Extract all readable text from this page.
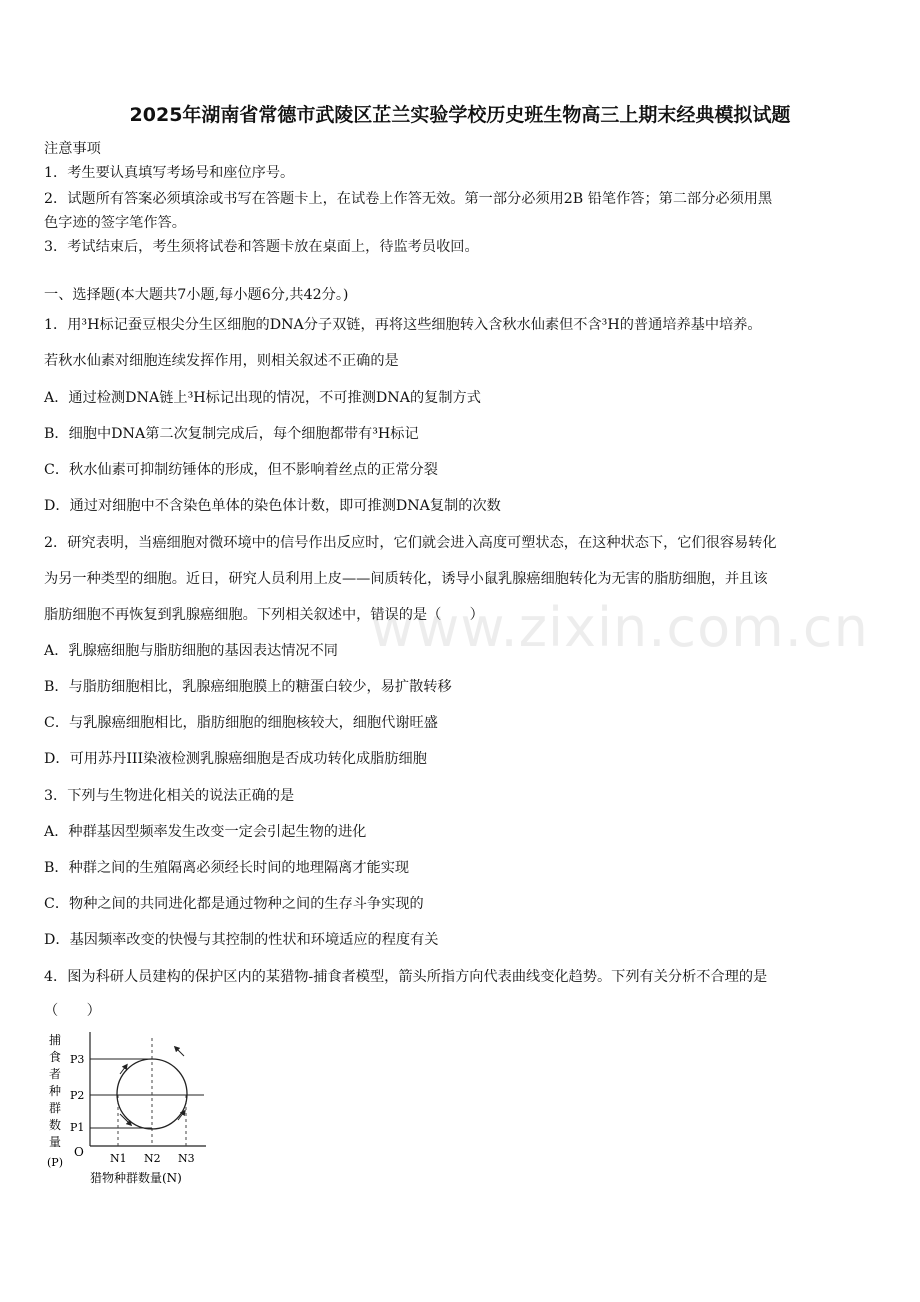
2025年湖南省常德市武陵区芷兰实验学校历史班生物高三上期末经典模拟试题
注意事项
1．考生要认真填写考场号和座位序号。
2．试题所有答案必须填涂或书写在答题卡上，在试卷上作答无效。第一部分必须用2B 铅笔作答；第二部分必须用黑
色字迹的签字笔作答。
3．考试结束后，考生须将试卷和答题卡放在桌面上，待监考员收回。
一、选择题(本大题共7小题,每小题6分,共42分。)
1．用³H标记蚕豆根尖分生区细胞的DNA分子双链，再将这些细胞转入含秋水仙素但不含³H的普通培养基中培养。
若秋水仙素对细胞连续发挥作用，则相关叙述不正确的是
A．通过检测DNA链上³H标记出现的情况，不可推测DNA的复制方式
B．细胞中DNA第二次复制完成后，每个细胞都带有³H标记
C．秋水仙素可抑制纺锤体的形成，但不影响着丝点的正常分裂
D．通过对细胞中不含染色单体的染色体计数，即可推测DNA复制的次数
2．研究表明，当癌细胞对微环境中的信号作出反应时，它们就会进入高度可塑状态，在这种状态下，它们很容易转化
为另一种类型的细胞。近日，研究人员利用上皮——间质转化，诱导小鼠乳腺癌细胞转化为无害的脂肪细胞，并且该
脂肪细胞不再恢复到乳腺癌细胞。下列相关叙述中，错误的是（　　）
A．乳腺癌细胞与脂肪细胞的基因表达情况不同
B．与脂肪细胞相比，乳腺癌细胞膜上的糖蛋白较少，易扩散转移
C．与乳腺癌细胞相比，脂肪细胞的细胞核较大，细胞代谢旺盛
D．可用苏丹III染液检测乳腺癌细胞是否成功转化成脂肪细胞
3．下列与生物进化相关的说法正确的是
A．种群基因型频率发生改变一定会引起生物的进化
B．种群之间的生殖隔离必须经长时间的地理隔离才能实现
C．物种之间的共同进化都是通过物种之间的生存斗争实现的
D．基因频率改变的快慢与其控制的性状和环境适应的程度有关
4．图为科研人员建构的保护区内的某猎物-捕食者模型，箭头所指方向代表曲线变化趋势。下列有关分析不合理的是
（　　）
www.zixin.com.cn
捕
食
者
种
群
数
量
(P)
O
P3
P2
P1
N1 N2 N3
猎物种群数量(N)
